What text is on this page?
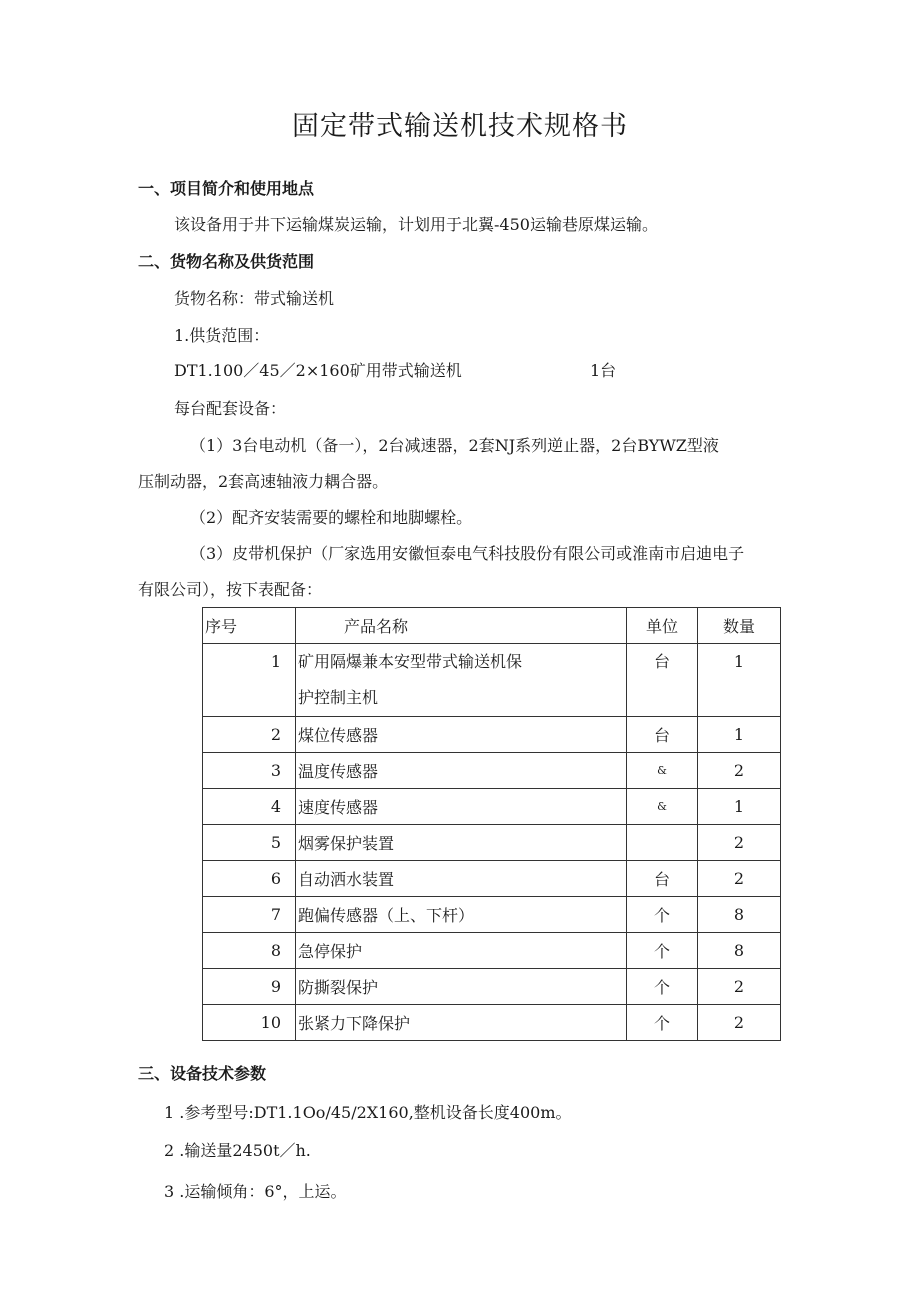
固定带式输送机技术规格书
一、项目简介和使用地点
该设备用于井下运输煤炭运输，计划用于北翼-450运输巷原煤运输。
二、货物名称及供货范围
货物名称：带式输送机
1.供货范围：
DT1.100／45／2×160矿用带式输送机	1台
每台配套设备：
（1）3台电动机（备一），2台减速器，2套NJ系列逆止器，2台BYWZ型液
压制动器，2套高速轴液力耦合器。
（2）配齐安装需要的螺栓和地脚螺栓。
（3）皮带机保护（厂家选用安徽恒泰电气科技股份有限公司或淮南市启迪电子
有限公司），按下表配备：
序号	产品名称	单位	数量
1	矿用隔爆兼本安型带式输送机保
护控制主机	台	1
2	煤位传感器	台	1
3	温度传感器	&	2
4	速度传感器	&	1
5	烟雾保护装置		2
6	自动洒水装置	台	2
7	跑偏传感器（上、下杆）	个	8
8	急停保护	个	8
9	防撕裂保护	个	2
10	张紧力下降保护	个	2
三、设备技术参数
1 .参考型号:DT1.1Oo/45/2X160,整机设备长度400m。
2 .输送量2450t／h.
3 .运输倾角：6°，上运。
